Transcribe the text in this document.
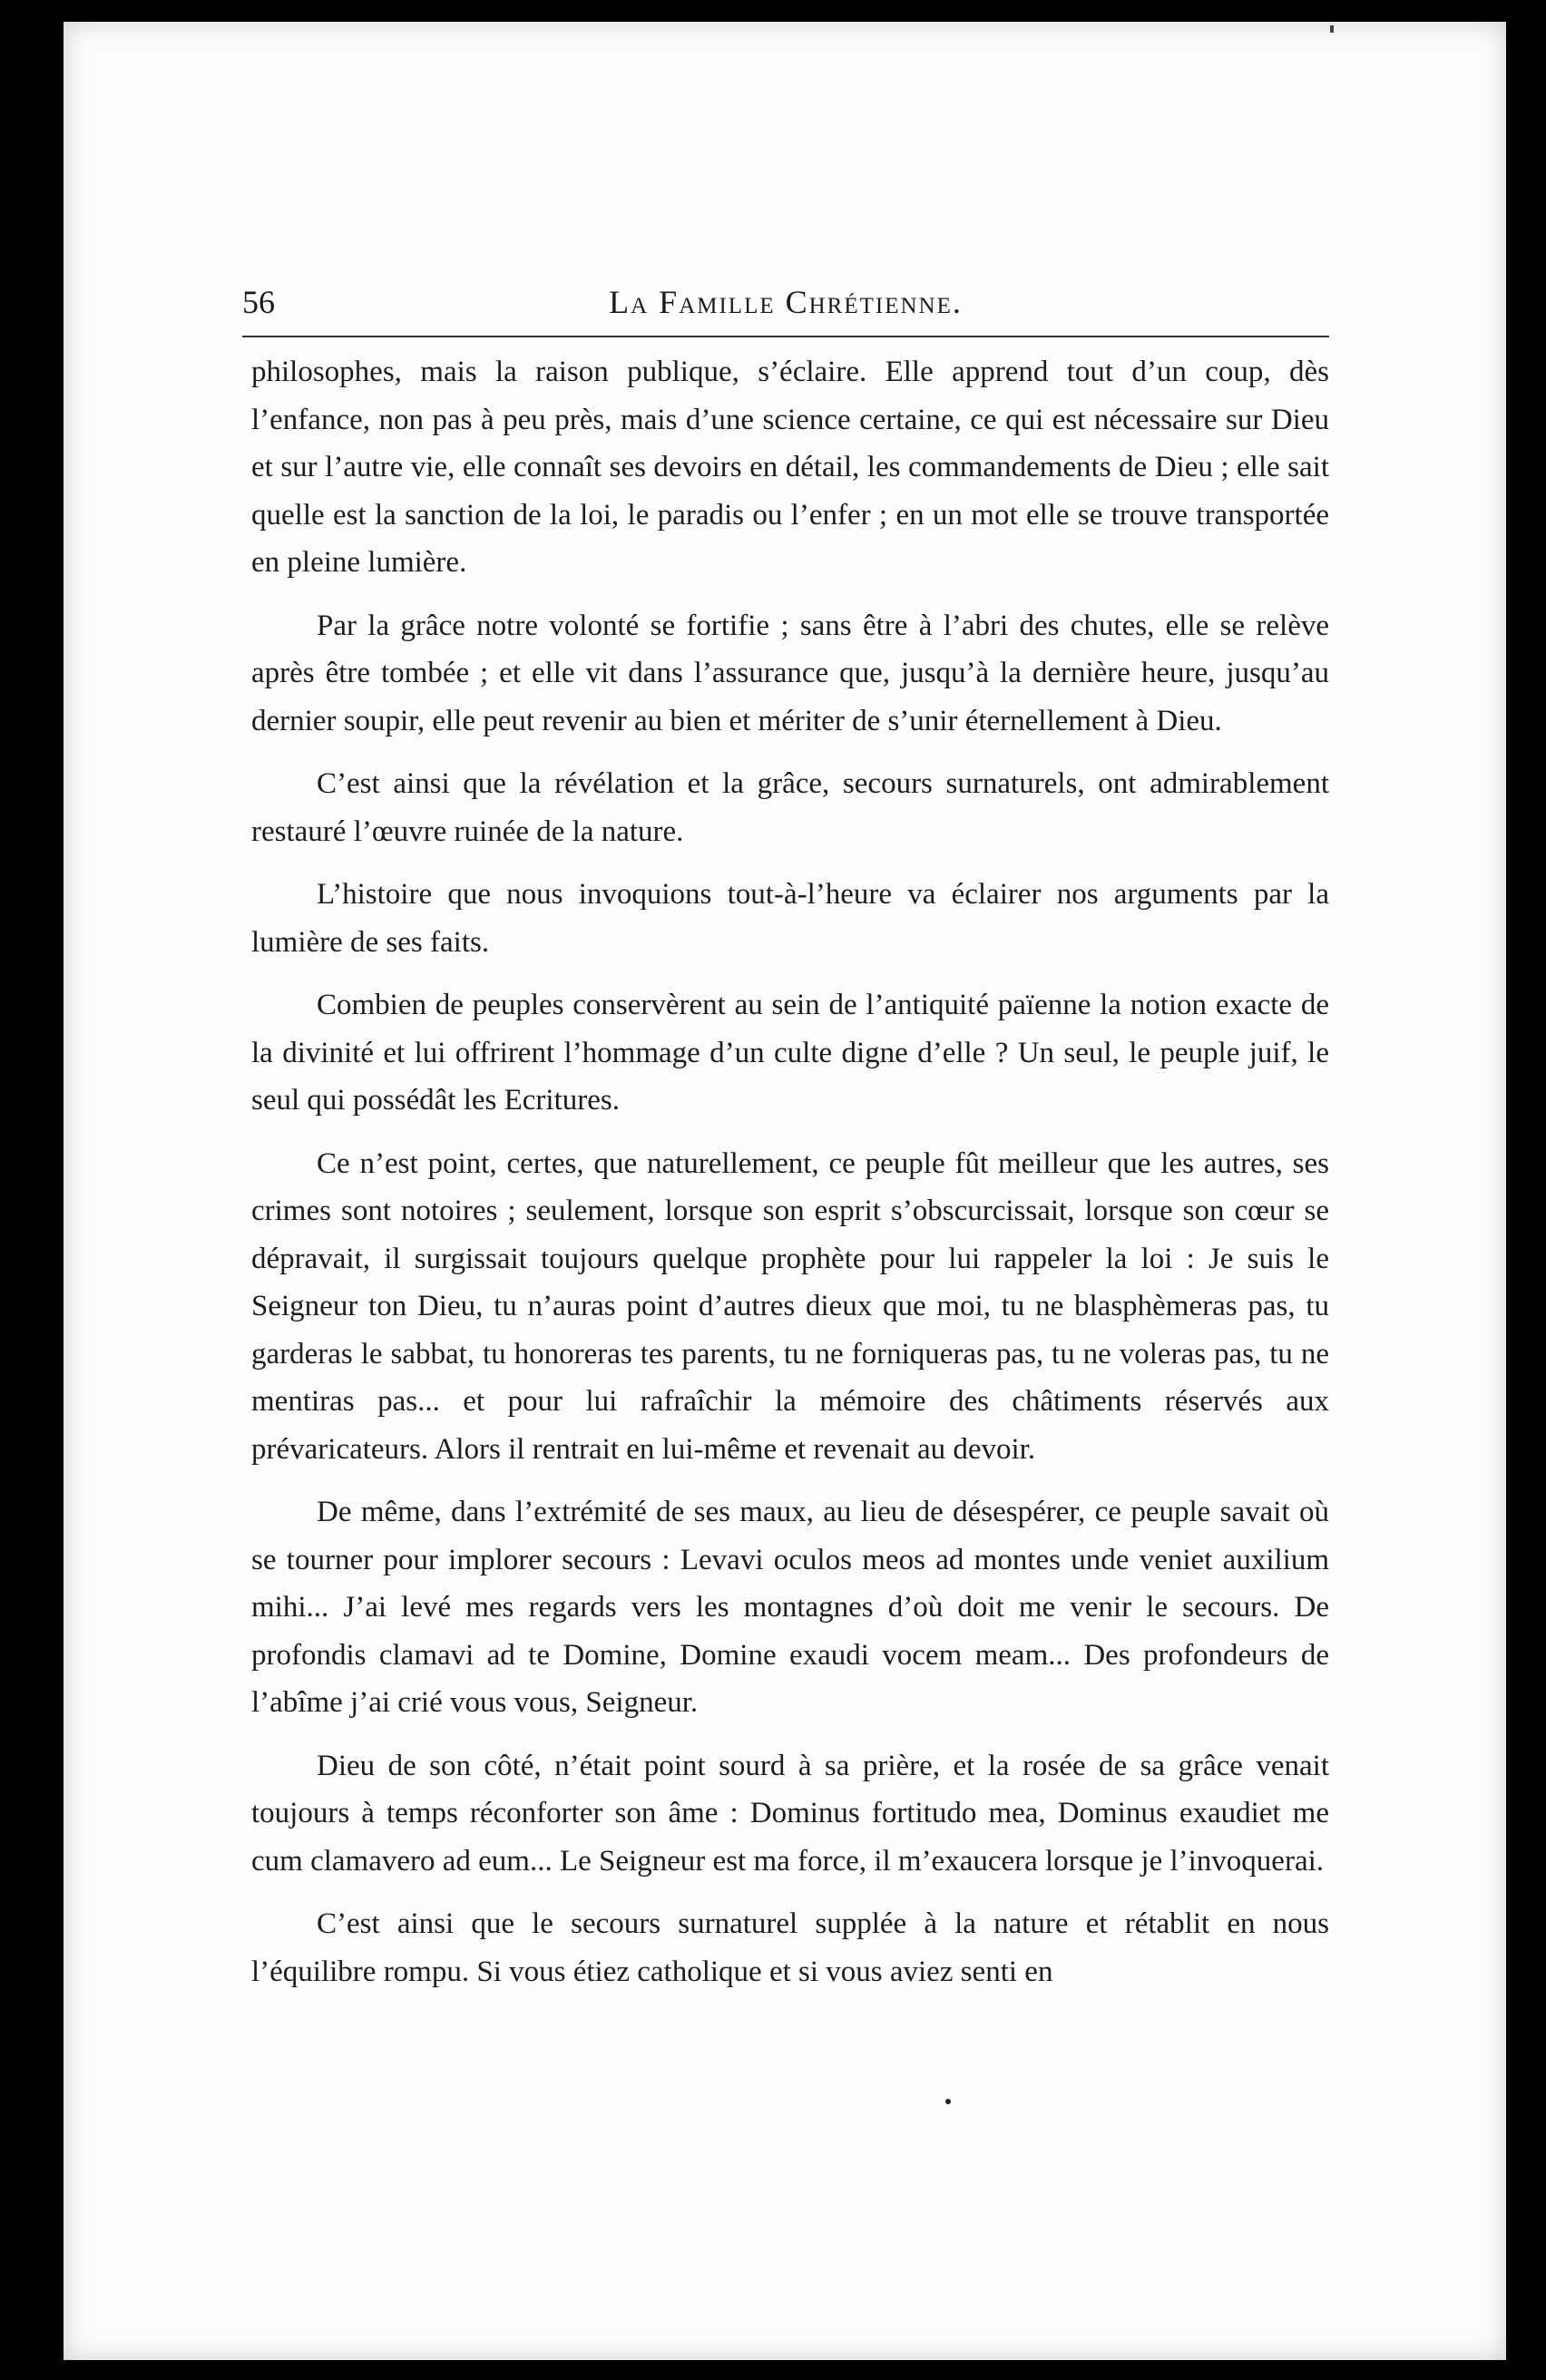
56	La Famille Chrétienne.

philosophes, mais la raison publique, s’éclaire. Elle apprend tout d’un coup, dès l’enfance, non pas à peu près, mais d’une science certaine, ce qui est nécessaire sur Dieu et sur l’autre vie, elle connaît ses devoirs en détail, les commandements de Dieu ; elle sait quelle est la sanction de la loi, le paradis ou l’enfer ; en un mot elle se trouve transportée en pleine lumière.

Par la grâce notre volonté se fortifie ; sans être à l’abri des chutes, elle se relève après être tombée ; et elle vit dans l’assurance que, jusqu’à la dernière heure, jusqu’au dernier soupir, elle peut revenir au bien et mériter de s’unir éternellement à Dieu.

C’est ainsi que la révélation et la grâce, secours surnaturels, ont admirablement restauré l’œuvre ruinée de la nature.

L’histoire que nous invoquions tout-à-l’heure va éclairer nos arguments par la lumière de ses faits.

Combien de peuples conservèrent au sein de l’antiquité païenne la notion exacte de la divinité et lui offrirent l’hommage d’un culte digne d’elle ? Un seul, le peuple juif, le seul qui possédât les Ecritures.

Ce n’est point, certes, que naturellement, ce peuple fût meilleur que les autres, ses crimes sont notoires ; seulement, lorsque son esprit s’obscurcissait, lorsque son cœur se dépravait, il surgissait toujours quelque prophète pour lui rappeler la loi : Je suis le Seigneur ton Dieu, tu n’auras point d’autres dieux que moi, tu ne blasphèmeras pas, tu garderas le sabbat, tu honoreras tes parents, tu ne forniqueras pas, tu ne voleras pas, tu ne mentiras pas... et pour lui rafraîchir la mémoire des châtiments réservés aux prévaricateurs. Alors il rentrait en lui-même et revenait au devoir.

De même, dans l’extrémité de ses maux, au lieu de désespérer, ce peuple savait où se tourner pour implorer secours : Levavi oculos meos ad montes unde veniet auxilium mihi... J’ai levé mes regards vers les montagnes d’où doit me venir le secours. De profondis clamavi ad te Domine, Domine exaudi vocem meam... Des profondeurs de l’abîme j’ai crié vous vous, Seigneur.

Dieu de son côté, n’était point sourd à sa prière, et la rosée de sa grâce venait toujours à temps réconforter son âme : Dominus fortitudo mea, Dominus exaudiet me cum clamavero ad eum... Le Seigneur est ma force, il m’exaucera lorsque je l’invoquerai.

C’est ainsi que le secours surnaturel supplée à la nature et rétablit en nous l’équilibre rompu. Si vous étiez catholique et si vous aviez senti en
